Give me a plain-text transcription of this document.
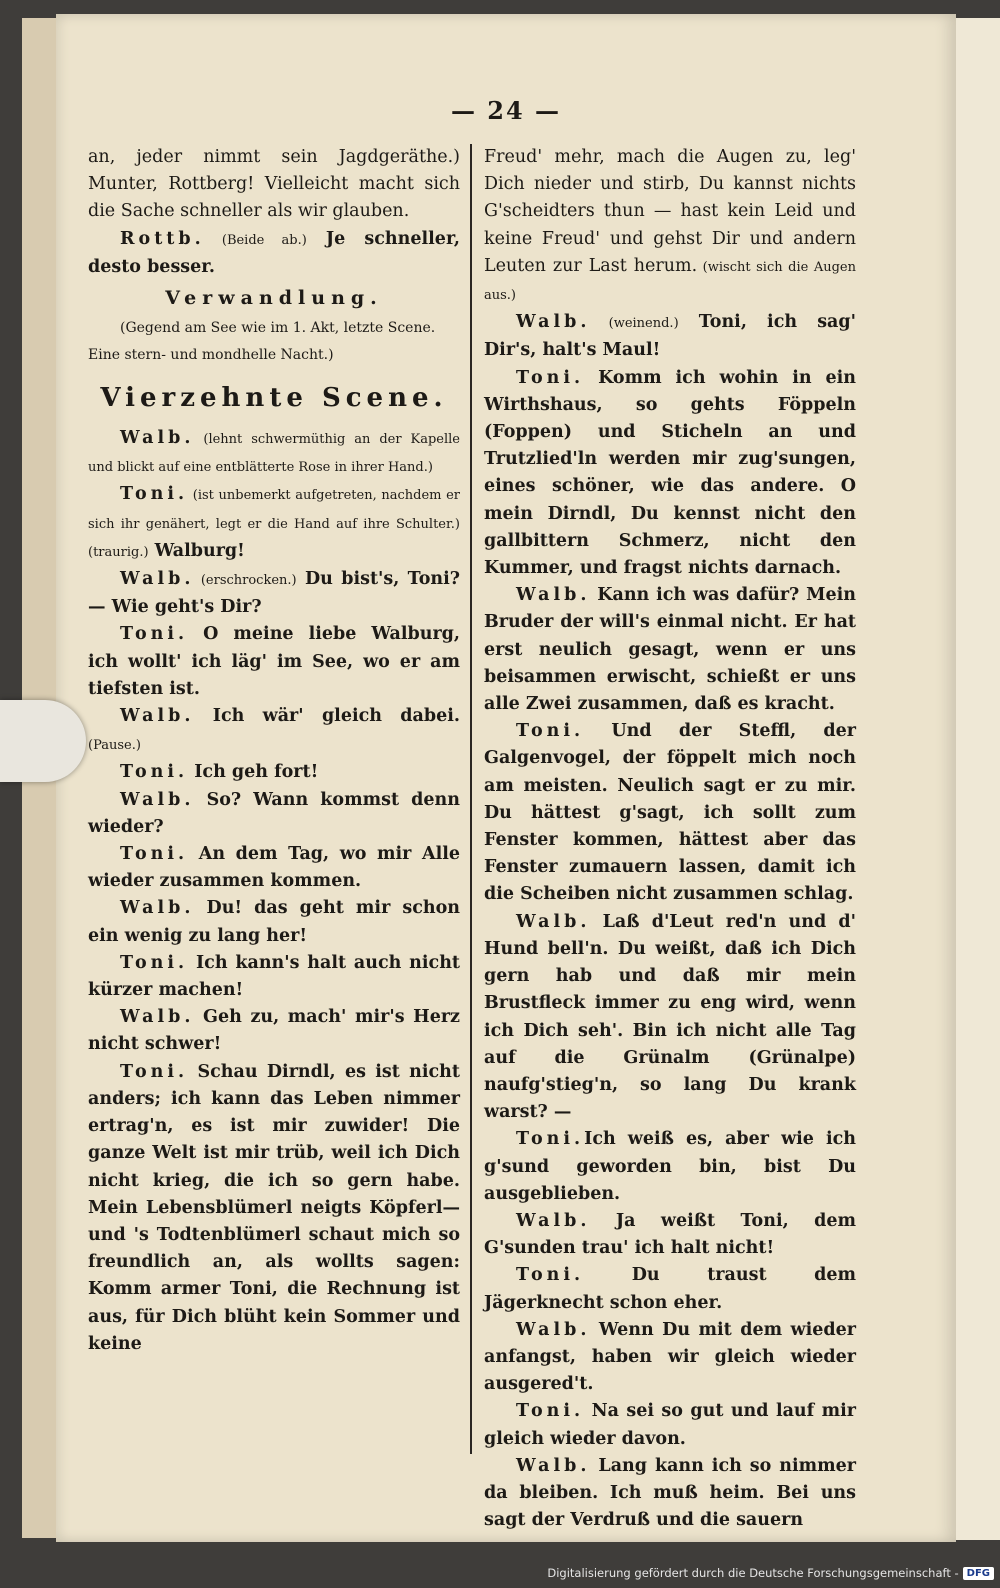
— 24 —

an, jeder nimmt sein Jagdgeräthe.) Munter, Rottberg! Vielleicht macht sich die Sache schneller als wir glauben.

Rottb. (Beide ab.) Je schneller, desto besser.

Verwandlung.

(Gegend am See wie im 1. Akt, letzte Scene. Eine stern- und mondhelle Nacht.)

Vierzehnte Scene.

Walb. (lehnt schwermüthig an der Kapelle und blickt auf eine entblätterte Rose in ihrer Hand.)

Toni. (ist unbemerkt aufgetreten, nachdem er sich ihr genähert, legt er die Hand auf ihre Schulter.) (traurig.) Walburg!

Walb. (erschrocken.) Du bist's, Toni? — Wie geht's Dir?

Toni. O meine liebe Walburg, ich wollt' ich läg' im See, wo er am tiefsten ist.

Walb. Ich wär' gleich dabei. (Pause.)

Toni. Ich geh fort!

Walb. So? Wann kommst denn wieder?

Toni. An dem Tag, wo mir Alle wieder zusammen kommen.

Walb. Du! das geht mir schon ein wenig zu lang her!

Toni. Ich kann's halt auch nicht kürzer machen!

Walb. Geh zu, mach' mir's Herz nicht schwer!

Toni. Schau Dirndl, es ist nicht anders; ich kann das Leben nimmer ertrag'n, es ist mir zuwider! Die ganze Welt ist mir trüb, weil ich Dich nicht krieg, die ich so gern habe. Mein Lebensblümerl neigts Köpferl— und 's Todtenblümerl schaut mich so freundlich an, als wollts sagen: Komm armer Toni, die Rechnung ist aus, für Dich blüht kein Sommer und keine

Freud' mehr, mach die Augen zu, leg' Dich nieder und stirb, Du kannst nichts G'scheidters thun — hast kein Leid und keine Freud' und gehst Dir und andern Leuten zur Last herum. (wischt sich die Augen aus.)

Walb. (weinend.) Toni, ich sag' Dir's, halt's Maul!

Toni. Komm ich wohin in ein Wirthshaus, so gehts Föppeln (Foppen) und Sticheln an und Trutzlied'ln werden mir zug'sungen, eines schöner, wie das andere. O mein Dirndl, Du kennst nicht den gallbittern Schmerz, nicht den Kummer, und fragst nichts darnach.

Walb. Kann ich was dafür? Mein Bruder der will's einmal nicht. Er hat erst neulich gesagt, wenn er uns beisammen erwischt, schießt er uns alle Zwei zusammen, daß es kracht.

Toni. Und der Steffl, der Galgenvogel, der föppelt mich noch am meisten. Neulich sagt er zu mir. Du hättest g'sagt, ich sollt zum Fenster kommen, hättest aber das Fenster zumauern lassen, damit ich die Scheiben nicht zusammen schlag.

Walb. Laß d'Leut red'n und d' Hund bell'n. Du weißt, daß ich Dich gern hab und daß mir mein Brustfleck immer zu eng wird, wenn ich Dich seh'. Bin ich nicht alle Tag auf die Grünalm (Grünalpe) naufg'stieg'n, so lang Du krank warst? —

Toni.Ich weiß es, aber wie ich g'sund geworden bin, bist Du ausgeblieben.

Walb. Ja weißt Toni, dem G'sunden trau' ich halt nicht!

Toni. Du traust dem Jägerknecht schon eher.

Walb. Wenn Du mit dem wieder anfangst, haben wir gleich wieder ausgered't.

Toni. Na sei so gut und lauf mir gleich wieder davon.

Walb. Lang kann ich so nimmer da bleiben. Ich muß heim. Bei uns sagt der Verdruß und die sauern

Digitalisierung gefördert durch die Deutsche Forschungsgemeinschaft - DFG
